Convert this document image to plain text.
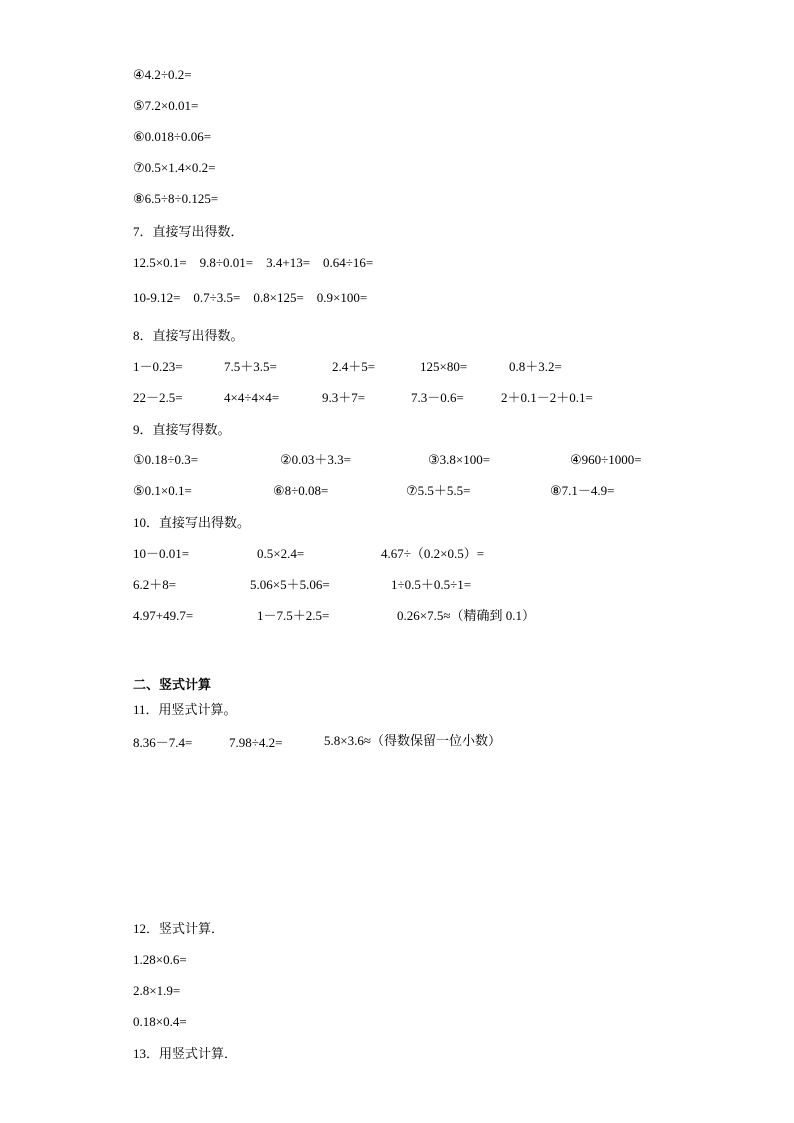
④4.2÷0.2=
⑤7.2×0.01=
⑥0.018÷0.06=
⑦0.5×1.4×0.2=
⑧6.5÷8÷0.125=
7．直接写出得数．
12.5×0.1=　9.8÷0.01=　3.4+13=　0.64÷16=
10-9.12=　0.7÷3.5=　0.8×125=　0.9×100=
8．直接写出得数。
1－0.23=	7.5＋3.5=	2.4＋5=	125×80=	0.8＋3.2=
22－2.5=	4×4÷4×4=	9.3＋7=	7.3－0.6=	2＋0.1－2＋0.1=
9．直接写得数。
①0.18÷0.3=	②0.03＋3.3=	③3.8×100=	④960÷1000=
⑤0.1×0.1=	⑥8÷0.08=	⑦5.5＋5.5=	⑧7.1－4.9=
10．直接写出得数。
10－0.01=	0.5×2.4=	4.67÷（0.2×0.5）=
6.2＋8=	5.06×5＋5.06=	1÷0.5＋0.5÷1=
4.97+49.7=	1－7.5＋2.5=	0.26×7.5≈（精确到 0.1）
二、竖式计算
11．用竖式计算。
8.36－7.4=	7.98÷4.2=	5.8×3.6≈（得数保留一位小数）
12．竖式计算．
1.28×0.6=
2.8×1.9=
0.18×0.4=
13．用竖式计算．
